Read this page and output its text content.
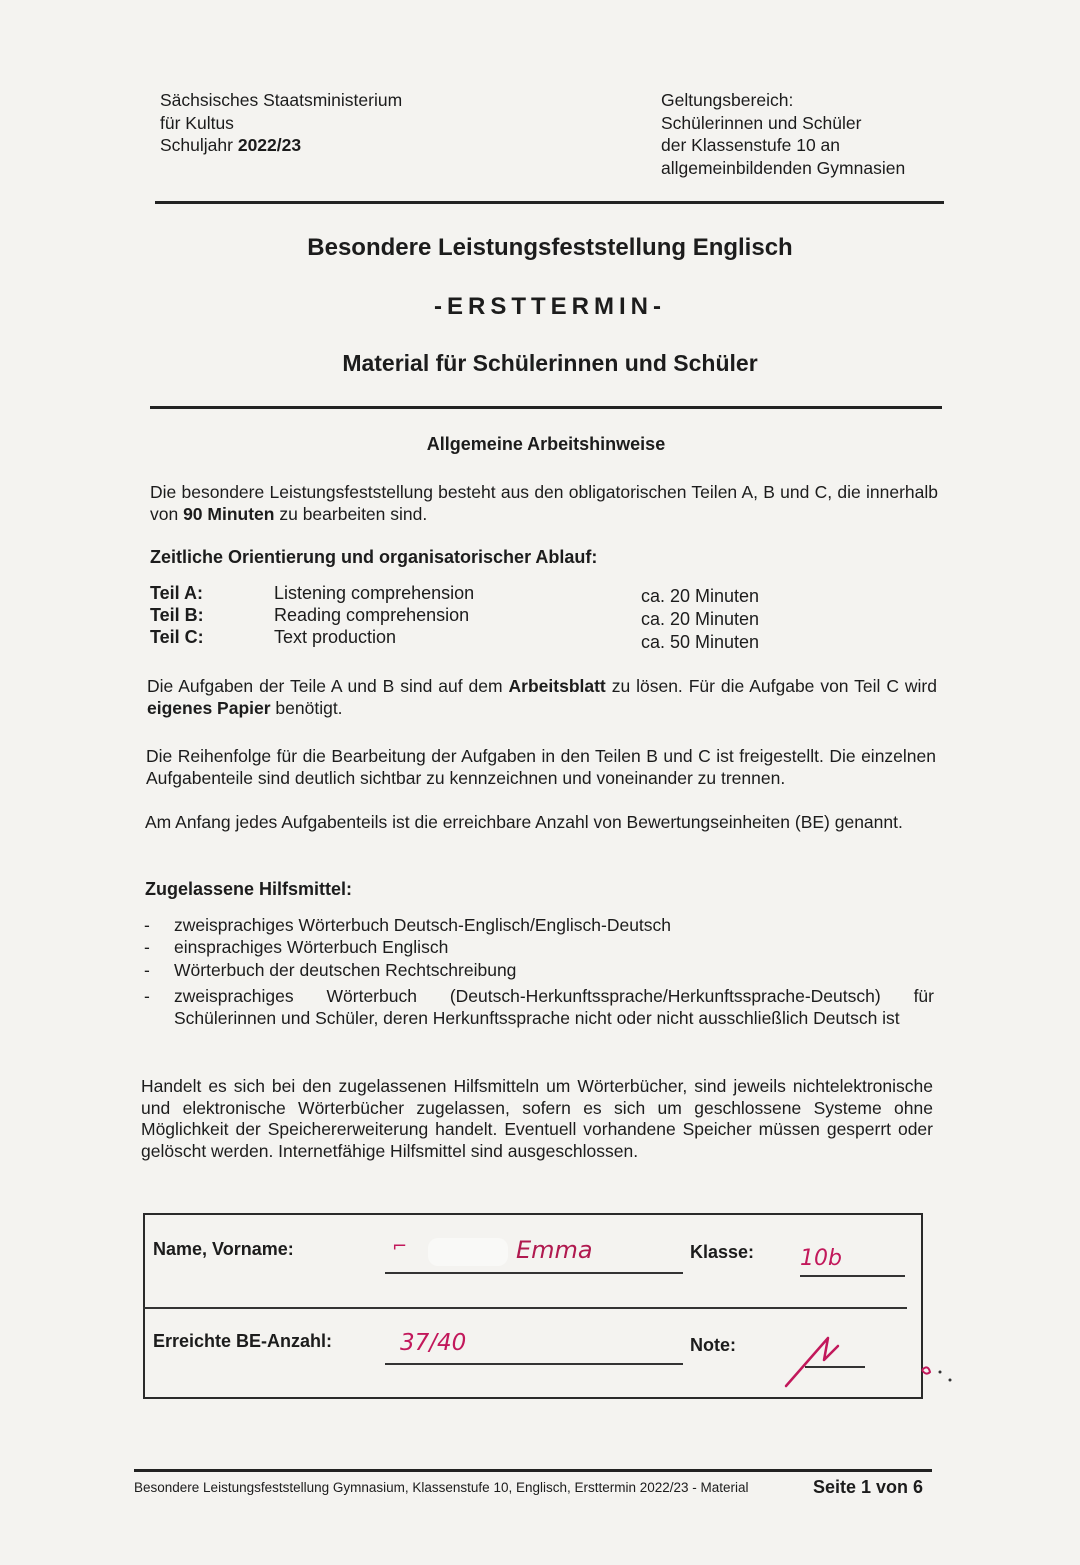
Sächsisches Staatsministerium
für Kultus
Schuljahr 2022/23
Geltungsbereich:
Schülerinnen und Schüler
der Klassenstufe 10 an
allgemeinbildenden Gymnasien
Besondere Leistungsfeststellung Englisch
-ERSTTERMIN-
Material für Schülerinnen und Schüler
Allgemeine Arbeitshinweise
Die besondere Leistungsfeststellung besteht aus den obligatorischen Teilen A, B und C, die innerhalb von 90 Minuten zu bearbeiten sind.
Zeitliche Orientierung und organisatorischer Ablauf:
Teil A:	Listening comprehension	ca. 20 Minuten
Teil B:	Reading comprehension	ca. 20 Minuten
Teil C:	Text production	ca. 50 Minuten
Die Aufgaben der Teile A und B sind auf dem Arbeitsblatt zu lösen. Für die Aufgabe von Teil C wird eigenes Papier benötigt.
Die Reihenfolge für die Bearbeitung der Aufgaben in den Teilen B und C ist freigestellt. Die einzelnen Aufgabenteile sind deutlich sichtbar zu kennzeichnen und voneinander zu trennen.
Am Anfang jedes Aufgabenteils ist die erreichbare Anzahl von Bewertungseinheiten (BE) genannt.
Zugelassene Hilfsmittel:
- zweisprachiges Wörterbuch Deutsch-Englisch/Englisch-Deutsch
- einsprachiges Wörterbuch Englisch
- Wörterbuch der deutschen Rechtschreibung
- zweisprachiges Wörterbuch (Deutsch-Herkunftssprache/Herkunftssprache-Deutsch) für Schülerinnen und Schüler, deren Herkunftssprache nicht oder nicht ausschließlich Deutsch ist
Handelt es sich bei den zugelassenen Hilfsmitteln um Wörterbücher, sind jeweils nichtelektronische und elektronische Wörterbücher zugelassen, sofern es sich um geschlossene Systeme ohne Möglichkeit der Speichererweiterung handelt. Eventuell vorhandene Speicher müssen gesperrt oder gelöscht werden. Internetfähige Hilfsmittel sind ausgeschlossen.
Name, Vorname:	⌐	Emma	Klasse: 10b
Erreichte BE-Anzahl:	37/40	Note:
Besondere Leistungsfeststellung Gymnasium, Klassenstufe 10, Englisch, Ersttermin 2022/23 - Material	Seite 1 von 6
